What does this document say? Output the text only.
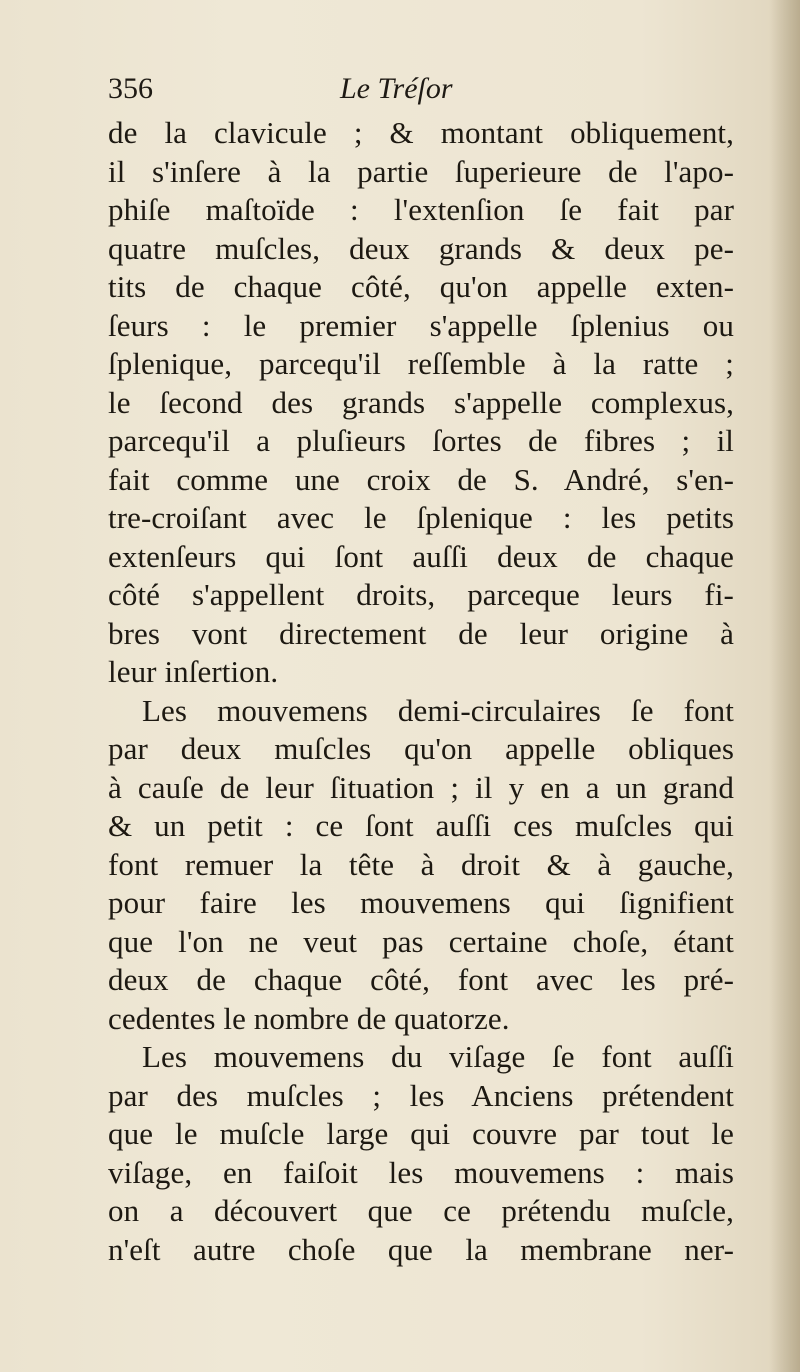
356	Le Tréſor
de la clavicule ; & montant obliquement,
il s'inſere à la partie ſuperieure de l'apo-
phiſe maſtoïde : l'extenſion ſe fait par
quatre muſcles, deux grands & deux pe-
tits de chaque côté, qu'on appelle exten-
ſeurs : le premier s'appelle ſplenius ou
ſplenique, parcequ'il reſſemble à la ratte ;
le ſecond des grands s'appelle complexus,
parcequ'il a pluſieurs ſortes de fibres ; il
fait comme une croix de S. André, s'en-
tre-croiſant avec le ſplenique : les petits
extenſeurs qui ſont auſſi deux de chaque
côté s'appellent droits, parceque leurs fi-
bres vont directement de leur origine à
leur inſertion.
Les mouvemens demi-circulaires ſe font
par deux muſcles qu'on appelle obliques
à cauſe de leur ſituation ; il y en a un grand
& un petit : ce ſont auſſi ces muſcles qui
font remuer la tête à droit & à gauche,
pour faire les mouvemens qui ſignifient
que l'on ne veut pas certaine choſe, étant
deux de chaque côté, font avec les pré-
cedentes le nombre de quatorze.
Les mouvemens du viſage ſe font auſſi
par des muſcles ; les Anciens prétendent
que le muſcle large qui couvre par tout le
viſage, en faiſoit les mouvemens : mais
on a découvert que ce prétendu muſcle,
n'eſt autre choſe que la membrane ner-
